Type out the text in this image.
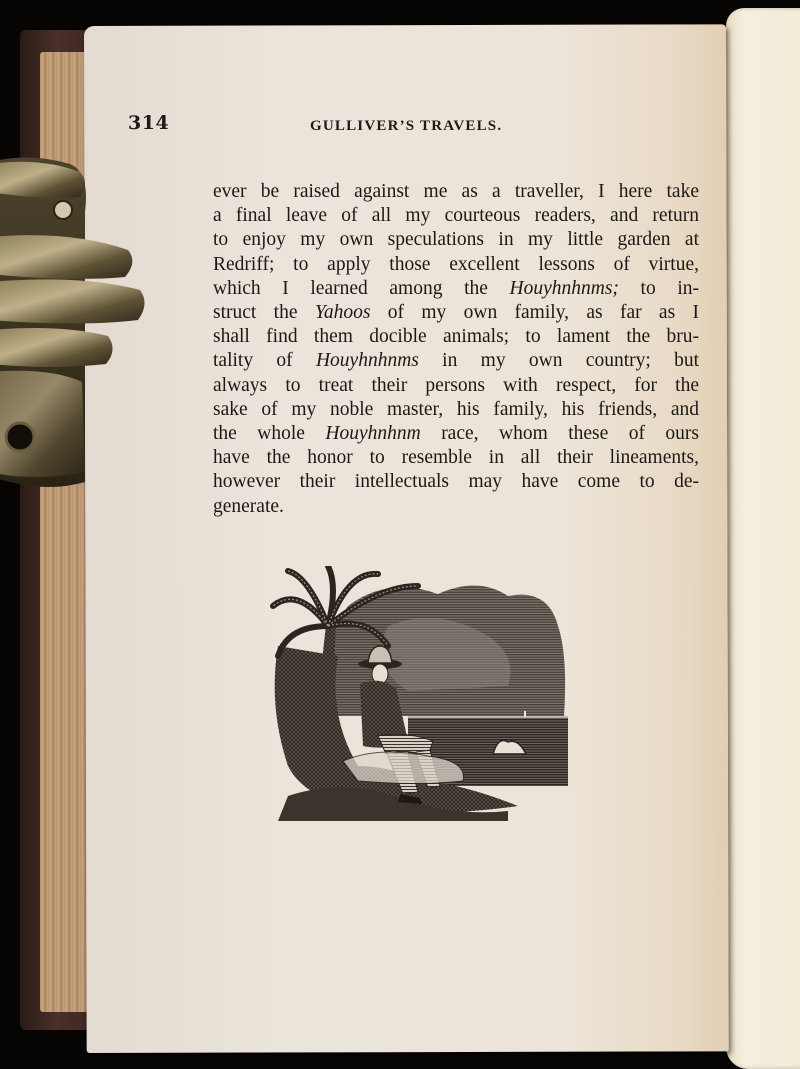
314	GULLIVER’S TRAVELS.
ever be raised against me as a traveller, I here take
a final leave of all my courteous readers, and return
to enjoy my own speculations in my little garden at
Redriff; to apply those excellent lessons of virtue,
which I learned among the Houyhnhnms; to in-
struct the Yahoos of my own family, as far as I
shall find them docible animals; to lament the bru-
tality of Houyhnhnms in my own country; but
always to treat their persons with respect, for the
sake of my noble master, his family, his friends, and
the whole Houyhnhnm race, whom these of ours
have the honor to resemble in all their lineaments,
however their intellectuals may have come to de-
generate.
